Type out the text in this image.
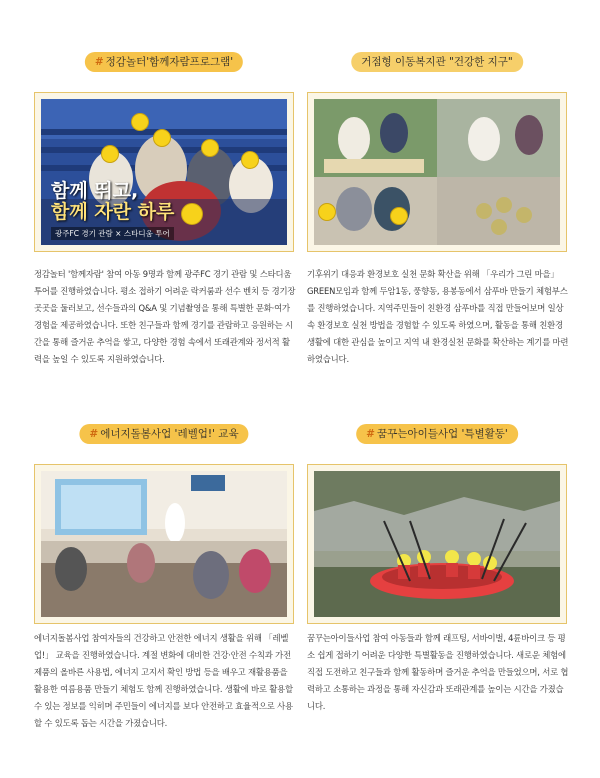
# 정감놀터'함께자람프로그램'
함께 뛰고,
함께 자란 하루
광주FC 경기 관람 × 스타디움 투어

정감놀터 '함께자람' 참여 아동 9명과 함께 광주FC 경기 관람 및 스타디움 투어를 진행하였습니다. 평소 접하기 어려운 락커룸과 선수 벤치 등 경기장 곳곳을 둘러보고, 선수들과의 Q&A 및 기념촬영을 통해 특별한 문화·여가 경험을 제공하였습니다. 또한 친구들과 함께 경기를 관람하고 응원하는 시간을 통해 즐거운 추억을 쌓고, 다양한 경험 속에서 또래관계와 정서적 활력을 높일 수 있도록 지원하였습니다.

거점형 이동복지관 "건강한 지구"

기후위기 대응과 환경보호 실천 문화 확산을 위해 「우리가 그린 마을」 GREEN모임과 함께 두암1동, 풍향동, 용봉동에서 삼푸바 만들기 체험부스를 진행하였습니다. 지역주민들이 친환경 삼푸바를 직접 만들어보며 일상 속 환경보호 실천 방법을 경험할 수 있도록 하였으며, 활동을 통해 친환경 생활에 대한 관심을 높이고 지역 내 환경실천 문화를 확산하는 계기를 마련하였습니다.

# 에너지돌봄사업 '레벨업!' 교육

에너지돌봄사업 참여자들의 건강하고 안전한 에너지 생활을 위해 「레벨업!」 교육을 진행하였습니다. 계절 변화에 대비한 건강·안전 수칙과 가전제품의 올바른 사용법, 에너지 고지서 확인 방법 등을 배우고 재활용품을 활용한 여름용품 만들기 체험도 함께 진행하였습니다. 생활에 바로 활용할 수 있는 정보를 익히며 주민들이 에너지를 보다 안전하고 효율적으로 사용할 수 있도록 돕는 시간을 가졌습니다.

# 꿈꾸는아이들사업 '특별활동'

꿈꾸는아이들사업 참여 아동들과 함께 래프팅, 서바이벌, 4륜바이크 등 평소 쉽게 접하기 어려운 다양한 특별활동을 진행하였습니다. 새로운 체험에 직접 도전하고 친구들과 함께 활동하며 즐거운 추억을 만들었으며, 서로 협력하고 소통하는 과정을 통해 자신감과 또래관계를 높이는 시간을 가졌습니다.
